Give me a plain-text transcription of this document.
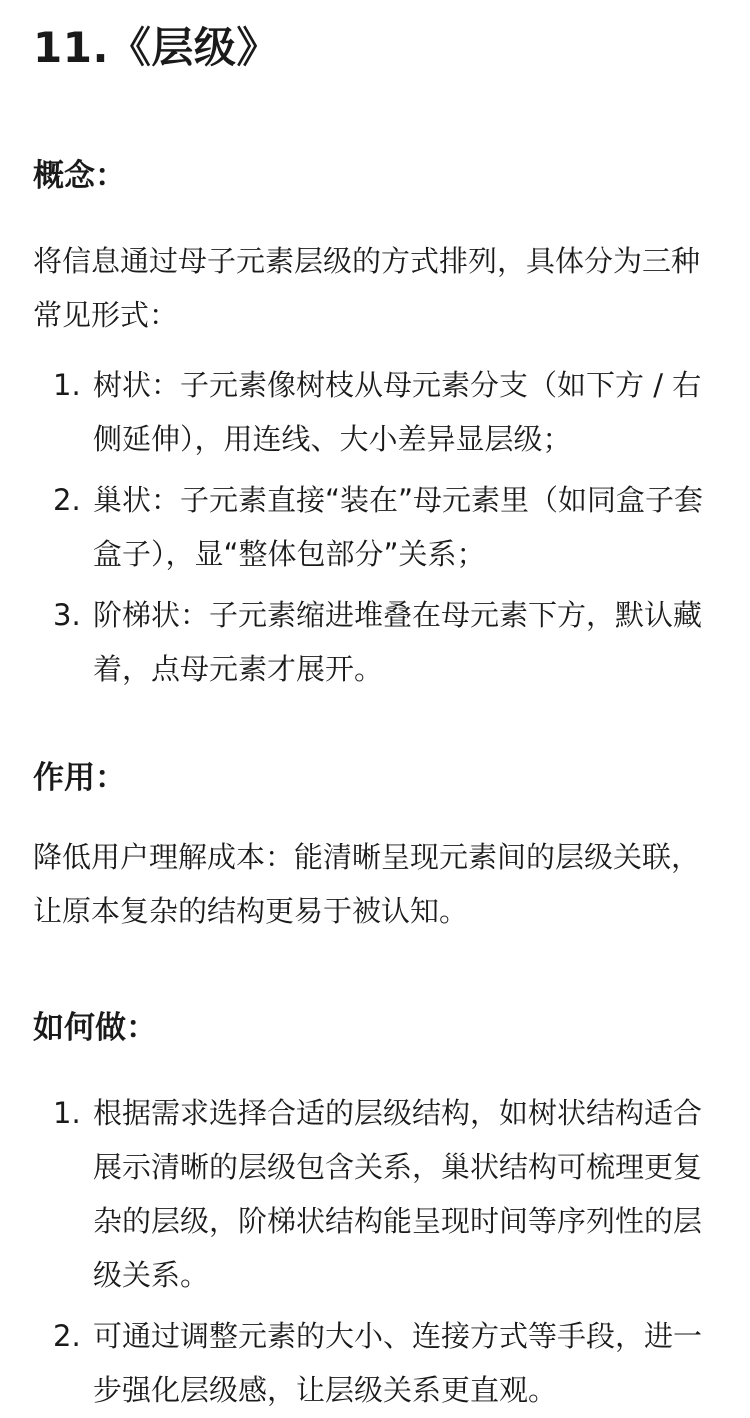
11.《层级》
概念：

将信息通过母子元素层级的方式排列，具体分为三种常见形式：

1. 树状：子元素像树枝从母元素分支（如下方 / 右侧延伸），用连线、大小差异显层级；
2. 巢状：子元素直接“装在”母元素里（如同盒子套盒子），显“整体包部分”关系；
3. 阶梯状：子元素缩进堆叠在母元素下方，默认藏着，点母元素才展开。
作用：

降低用户理解成本：能清晰呈现元素间的层级关联，让原本复杂的结构更易于被认知。

如何做：
1. 根据需求选择合适的层级结构，如树状结构适合展示清晰的层级包含关系，巢状结构可梳理更复杂的层级，阶梯状结构能呈现时间等序列性的层级关系。
2. 可通过调整元素的大小、连接方式等手段，进一步强化层级感，让层级关系更直观。
